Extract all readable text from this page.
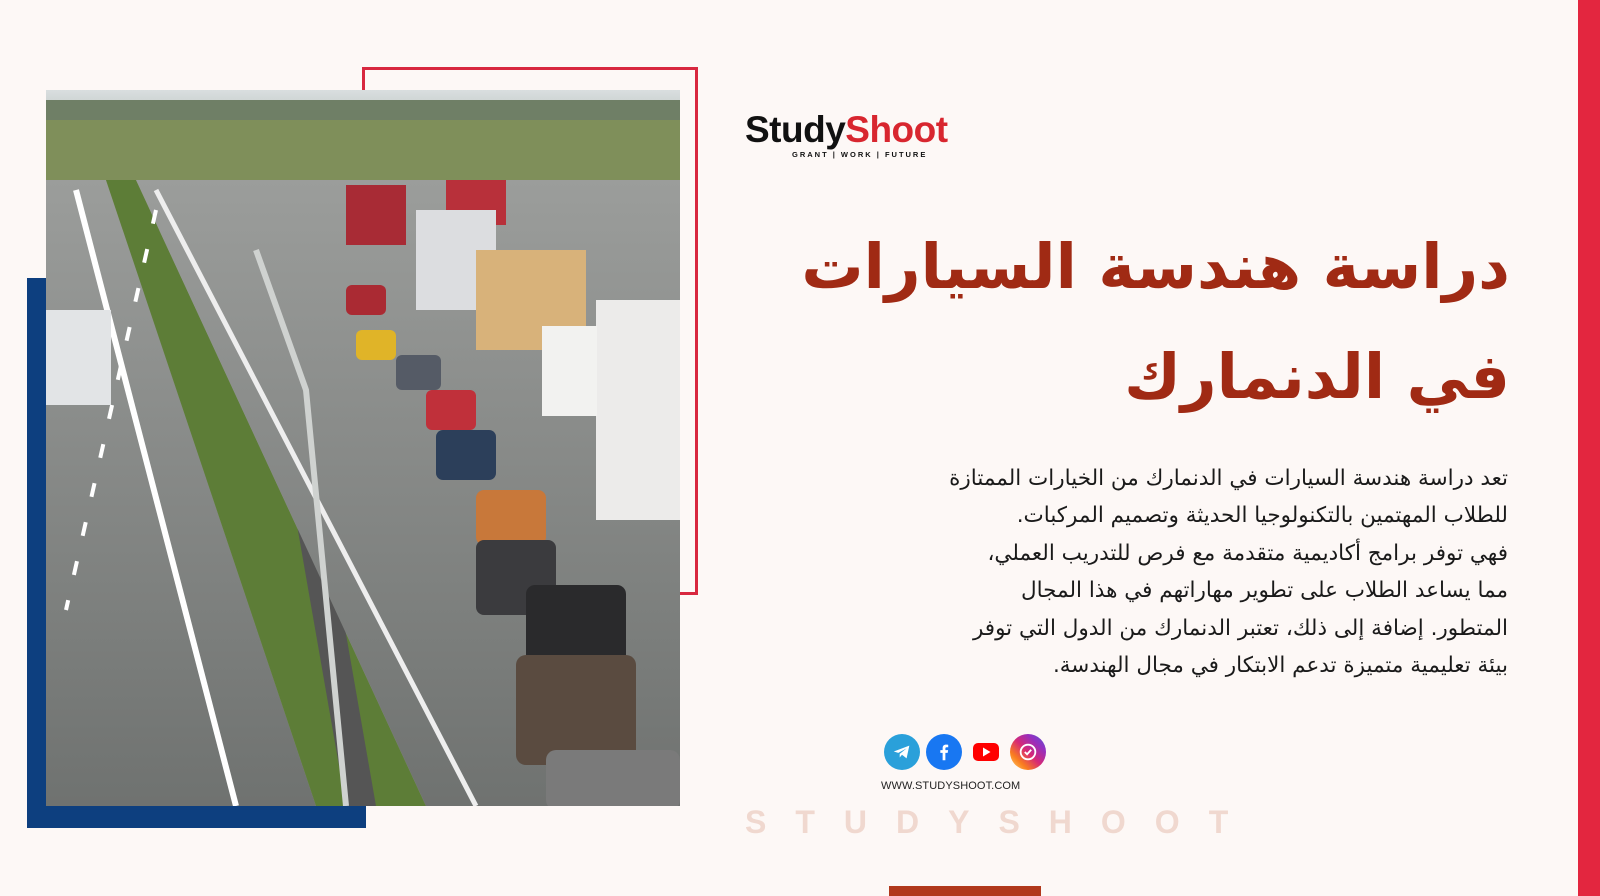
StudyShoot
GRANT | WORK | FUTURE
دراسة هندسة السيارات
في الدنمارك
تعد دراسة هندسة السيارات في الدنمارك من الخيارات الممتازة
للطلاب المهتمين بالتكنولوجيا الحديثة وتصميم المركبات.
فهي توفر برامج أكاديمية متقدمة مع فرص للتدريب العملي،
مما يساعد الطلاب على تطوير مهاراتهم في هذا المجال
المتطور. إضافة إلى ذلك، تعتبر الدنمارك من الدول التي توفر
بيئة تعليمية متميزة تدعم الابتكار في مجال الهندسة.
WWW.STUDYSHOOT.COM
STUDYSHOOT
